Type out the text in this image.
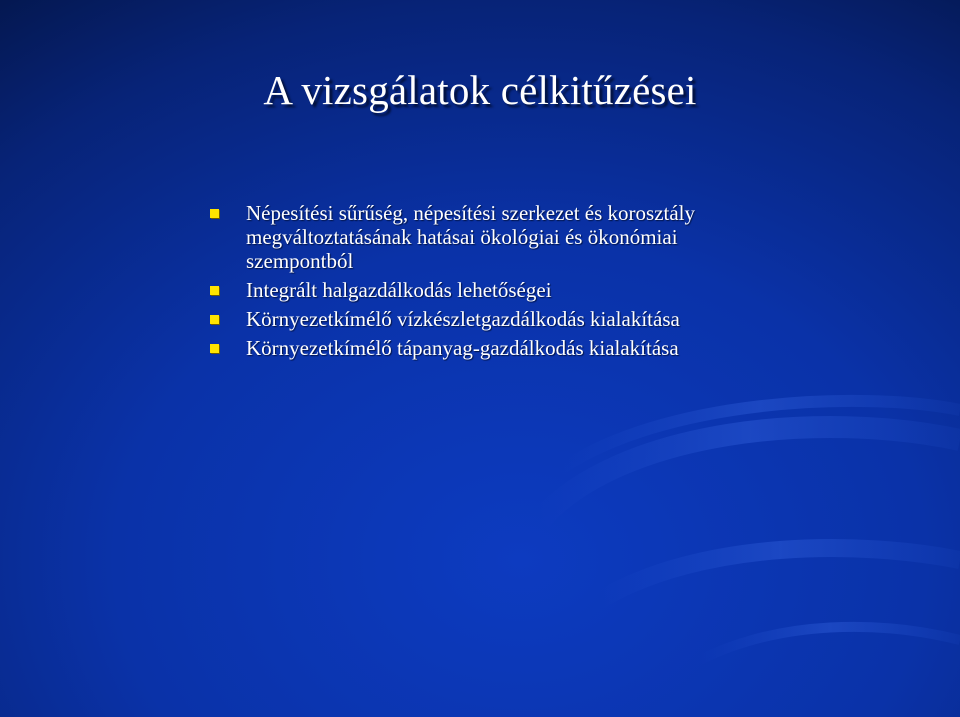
A vizsgálatok célkitűzései
Népesítési sűrűség, népesítési szerkezet és korosztály megváltoztatásának hatásai ökológiai és ökonómiai szempontból
Integrált halgazdálkodás lehetőségei
Környezetkímélő vízkészletgazdálkodás kialakítása
Környezetkímélő tápanyag-gazdálkodás kialakítása
